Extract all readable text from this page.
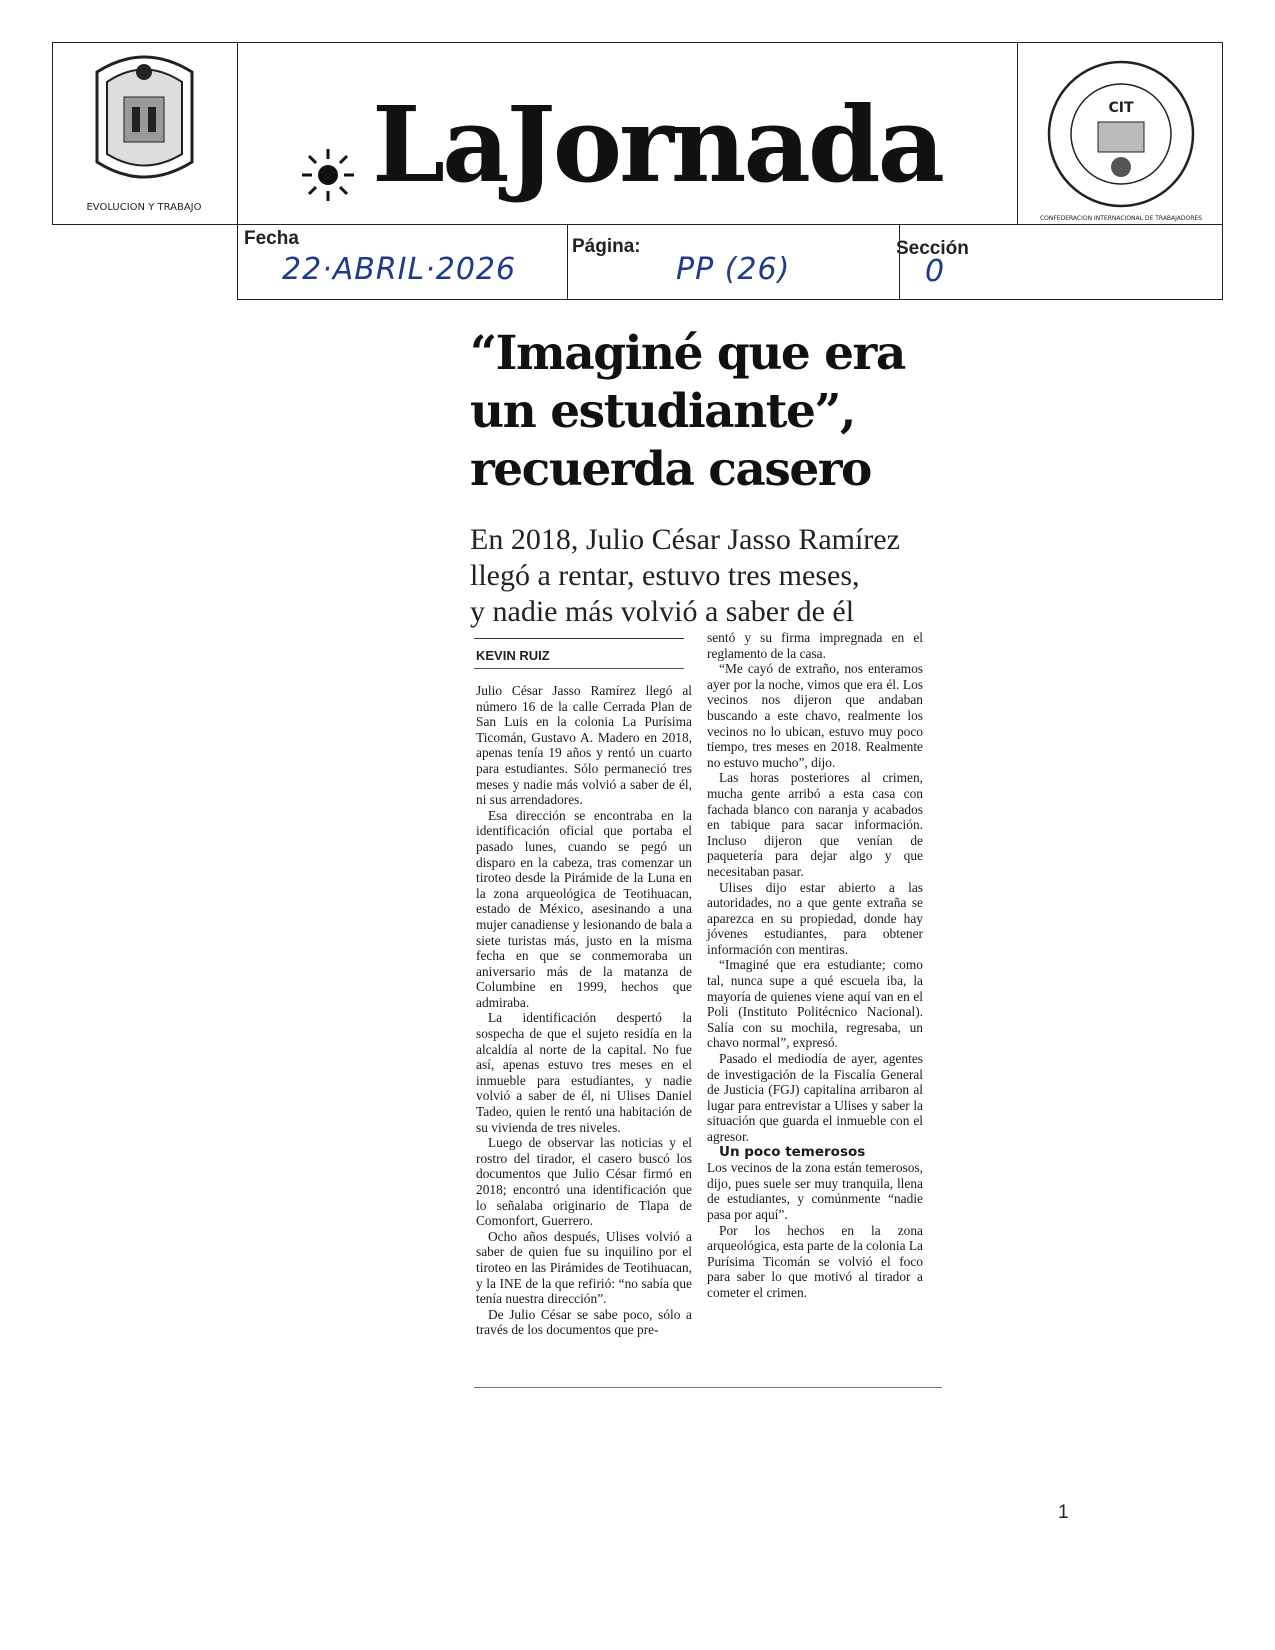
EVOLUCION Y TRABAJO
CIT
CONFEDERACION INTERNACIONAL DE TRABAJADORES
LaJornada
Fecha
22·ABRIL·2026
Página:
PP (26)
Sección
0
“Imaginé que era
un estudiante”,
recuerda casero
En 2018, Julio César Jasso Ramírez
llegó a rentar, estuvo tres meses,
y nadie más volvió a saber de él
KEVIN RUIZ

Julio César Jasso Ramírez llegó al número 16 de la calle Cerrada Plan de San Luis en la colonia La Purísima Ticomán, Gustavo A. Madero en 2018, apenas tenía 19 años y rentó un cuarto para estudiantes. Sólo permaneció tres meses y nadie más volvió a saber de él, ni sus arrendadores.

Esa dirección se encontraba en la identificación oficial que portaba el pasado lunes, cuando se pegó un disparo en la cabeza, tras comenzar un tiroteo desde la Pirámide de la Luna en la zona arqueológica de Teotihuacan, estado de México, asesinando a una mujer canadiense y lesionando de bala a siete turistas más, justo en la misma fecha en que se conmemoraba un aniversario más de la matanza de Columbine en 1999, hechos que admiraba.

La identificación despertó la sospecha de que el sujeto residía en la alcaldía al norte de la capital. No fue así, apenas estuvo tres meses en el inmueble para estudiantes, y nadie volvió a saber de él, ni Ulises Daniel Tadeo, quien le rentó una habitación de su vivienda de tres niveles.

Luego de observar las noticias y el rostro del tirador, el casero buscó los documentos que Julio César firmó en 2018; encontró una identificación que lo señalaba originario de Tlapa de Comonfort, Guerrero.

Ocho años después, Ulises volvió a saber de quien fue su inquilino por el tiroteo en las Pirámides de Teotihuacan, y la INE de la que refirió: “no sabía que tenía nuestra dirección”.

De Julio César se sabe poco, sólo a través de los documentos que pre-

sentó y su firma impregnada en el reglamento de la casa.

“Me cayó de extraño, nos enteramos ayer por la noche, vimos que era él. Los vecinos nos dijeron que andaban buscando a este chavo, realmente los vecinos no lo ubican, estuvo muy poco tiempo, tres meses en 2018. Realmente no estuvo mucho”, dijo.

Las horas posteriores al crimen, mucha gente arribó a esta casa con fachada blanco con naranja y acabados en tabique para sacar información. Incluso dijeron que venían de paquetería para dejar algo y que necesitaban pasar.

Ulises dijo estar abierto a las autoridades, no a que gente extraña se aparezca en su propiedad, donde hay jóvenes estudiantes, para obtener información con mentiras.

“Imaginé que era estudiante; como tal, nunca supe a qué escuela iba, la mayoría de quienes viene aquí van en el Poli (Instituto Politécnico Nacional). Salía con su mochila, regresaba, un chavo normal”, expresó.

Pasado el mediodía de ayer, agentes de investigación de la Fiscalía General de Justicia (FGJ) capitalina arribaron al lugar para entrevistar a Ulises y saber la situación que guarda el inmueble con el agresor.

Un poco temerosos

Los vecinos de la zona están temerosos, dijo, pues suele ser muy tranquila, llena de estudiantes, y comúnmente “nadie pasa por aquí”.

Por los hechos en la zona arqueológica, esta parte de la colonia La Purísima Ticomán se volvió el foco para saber lo que motivó al tirador a cometer el crimen.

1
